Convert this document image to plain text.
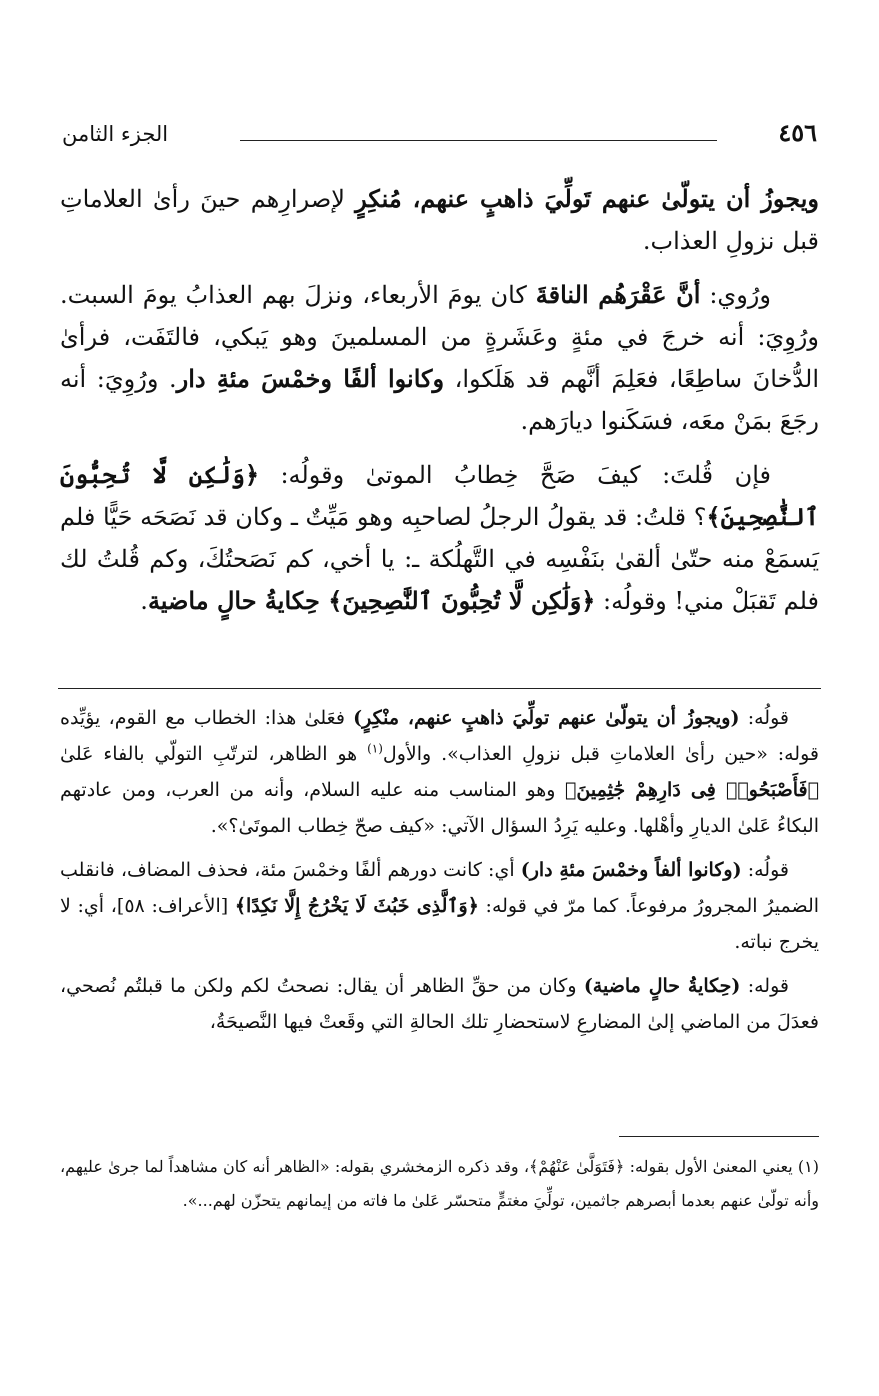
الجزء الثامن	٤٥٦

ويجوزُ أن يتولّىٰ عنهم تَولِّيَ ذاهبٍ عنهم، مُنكِرٍ لإصرارِهم حينَ رأىٰ العلاماتِ قبل نزولِ العذاب.

ورُوي: أنَّ عَقْرَهُم الناقةَ كان يومَ الأربعاء، ونزلَ بهم العذابُ يومَ السبت. ورُوِيَ: أنه خرجَ في مئةٍ وعَشَرةٍ من المسلمينَ وهو يَبكي، فالتَفَت، فرأىٰ الدُّخانَ ساطِعًا، فعَلِمَ أنَّهم قد هَلَكوا، وكانوا ألفًا وخمْسَ مئةِ دار. ورُوِيَ: أنه رجَعَ بمَنْ معَه، فسَكَنوا ديارَهم.

فإن قُلتَ: كيفَ صَحَّ خِطابُ الموتىٰ وقولُه: ﴿وَلَٰكِن لَّا تُحِبُّونَ ٱلنَّٰصِحِينَ﴾؟ قلتُ: قد يقولُ الرجلُ لصاحبِه وهو مَيِّتٌ ـ وكان قد نَصَحَه حَيًّا فلم يَسمَعْ منه حتّىٰ ألقىٰ بنَفْسِه في التَّهلُكة ـ: يا أخي، كم نَصَحتُكَ، وكم قُلتُ لك فلم تَقبَلْ مني! وقولُه: ﴿وَلَٰكِن لَّا تُحِبُّونَ ٱلنَّٰصِحِينَ﴾ حِكايةُ حالٍ ماضية.

قولُه: (ويجوزُ أن يتولّىٰ عنهم تولِّيَ ذاهبٍ عنهم، منْكِرٍ) فعَلىٰ هذا: الخطاب مع القوم، يؤيِّده قوله: «حين رأىٰ العلاماتِ قبل نزولِ العذاب». والأول$^{(١)}$ هو الظاهر، لترتّبِ التولّي بالفاء عَلىٰ ﴿فَأَصْبَحُوا۟ فِى دَارِهِمْ جَٰثِمِينَ﴾ وهو المناسب منه عليه السلام، وأنه من العرب، ومن عادتهم البكاءُ عَلىٰ الديارِ وأهْلها. وعليه يَرِدُ السؤال الآتي: «كيف صحّ خِطاب الموتَىٰ؟».

قولُه: (وكانوا ألفاً وخمْسَ مئةِ دار) أي: كانت دورهم ألفًا وخمْسَ مئة، فحذف المضاف، فانقلب الضميرُ المجرورُ مرفوعاً. كما مرّ في قوله: ﴿وَٱلَّذِى خَبُثَ لَا يَخْرُجُ إِلَّا نَكِدًا﴾ [الأعراف: ٥٨]، أي: لا يخرج نباته.

قوله: (حِكايةُ حالٍ ماضية) وكان من حقِّ الظاهر أن يقال: نصحتُ لكم ولكن ما قبلتُم نُصحي، فعدَلَ من الماضي إلىٰ المضارعِ لاستحضارِ تلك الحالةِ التي وقَعتْ فيها النَّصيحَةُ،

(١) يعني المعنىٰ الأول بقوله: ﴿فَتَوَلَّىٰ عَنْهُمْ﴾، وقد ذكره الزمخشري بقوله: «الظاهر أنه كان مشاهداً لما جرىٰ عليهم، وأنه تولّىٰ عنهم بعدما أبصرهم جاثمين، تولِّيَ مغتمٍّ متحسّر عَلىٰ ما فاته من إيمانهم يتحزّن لهم...».
